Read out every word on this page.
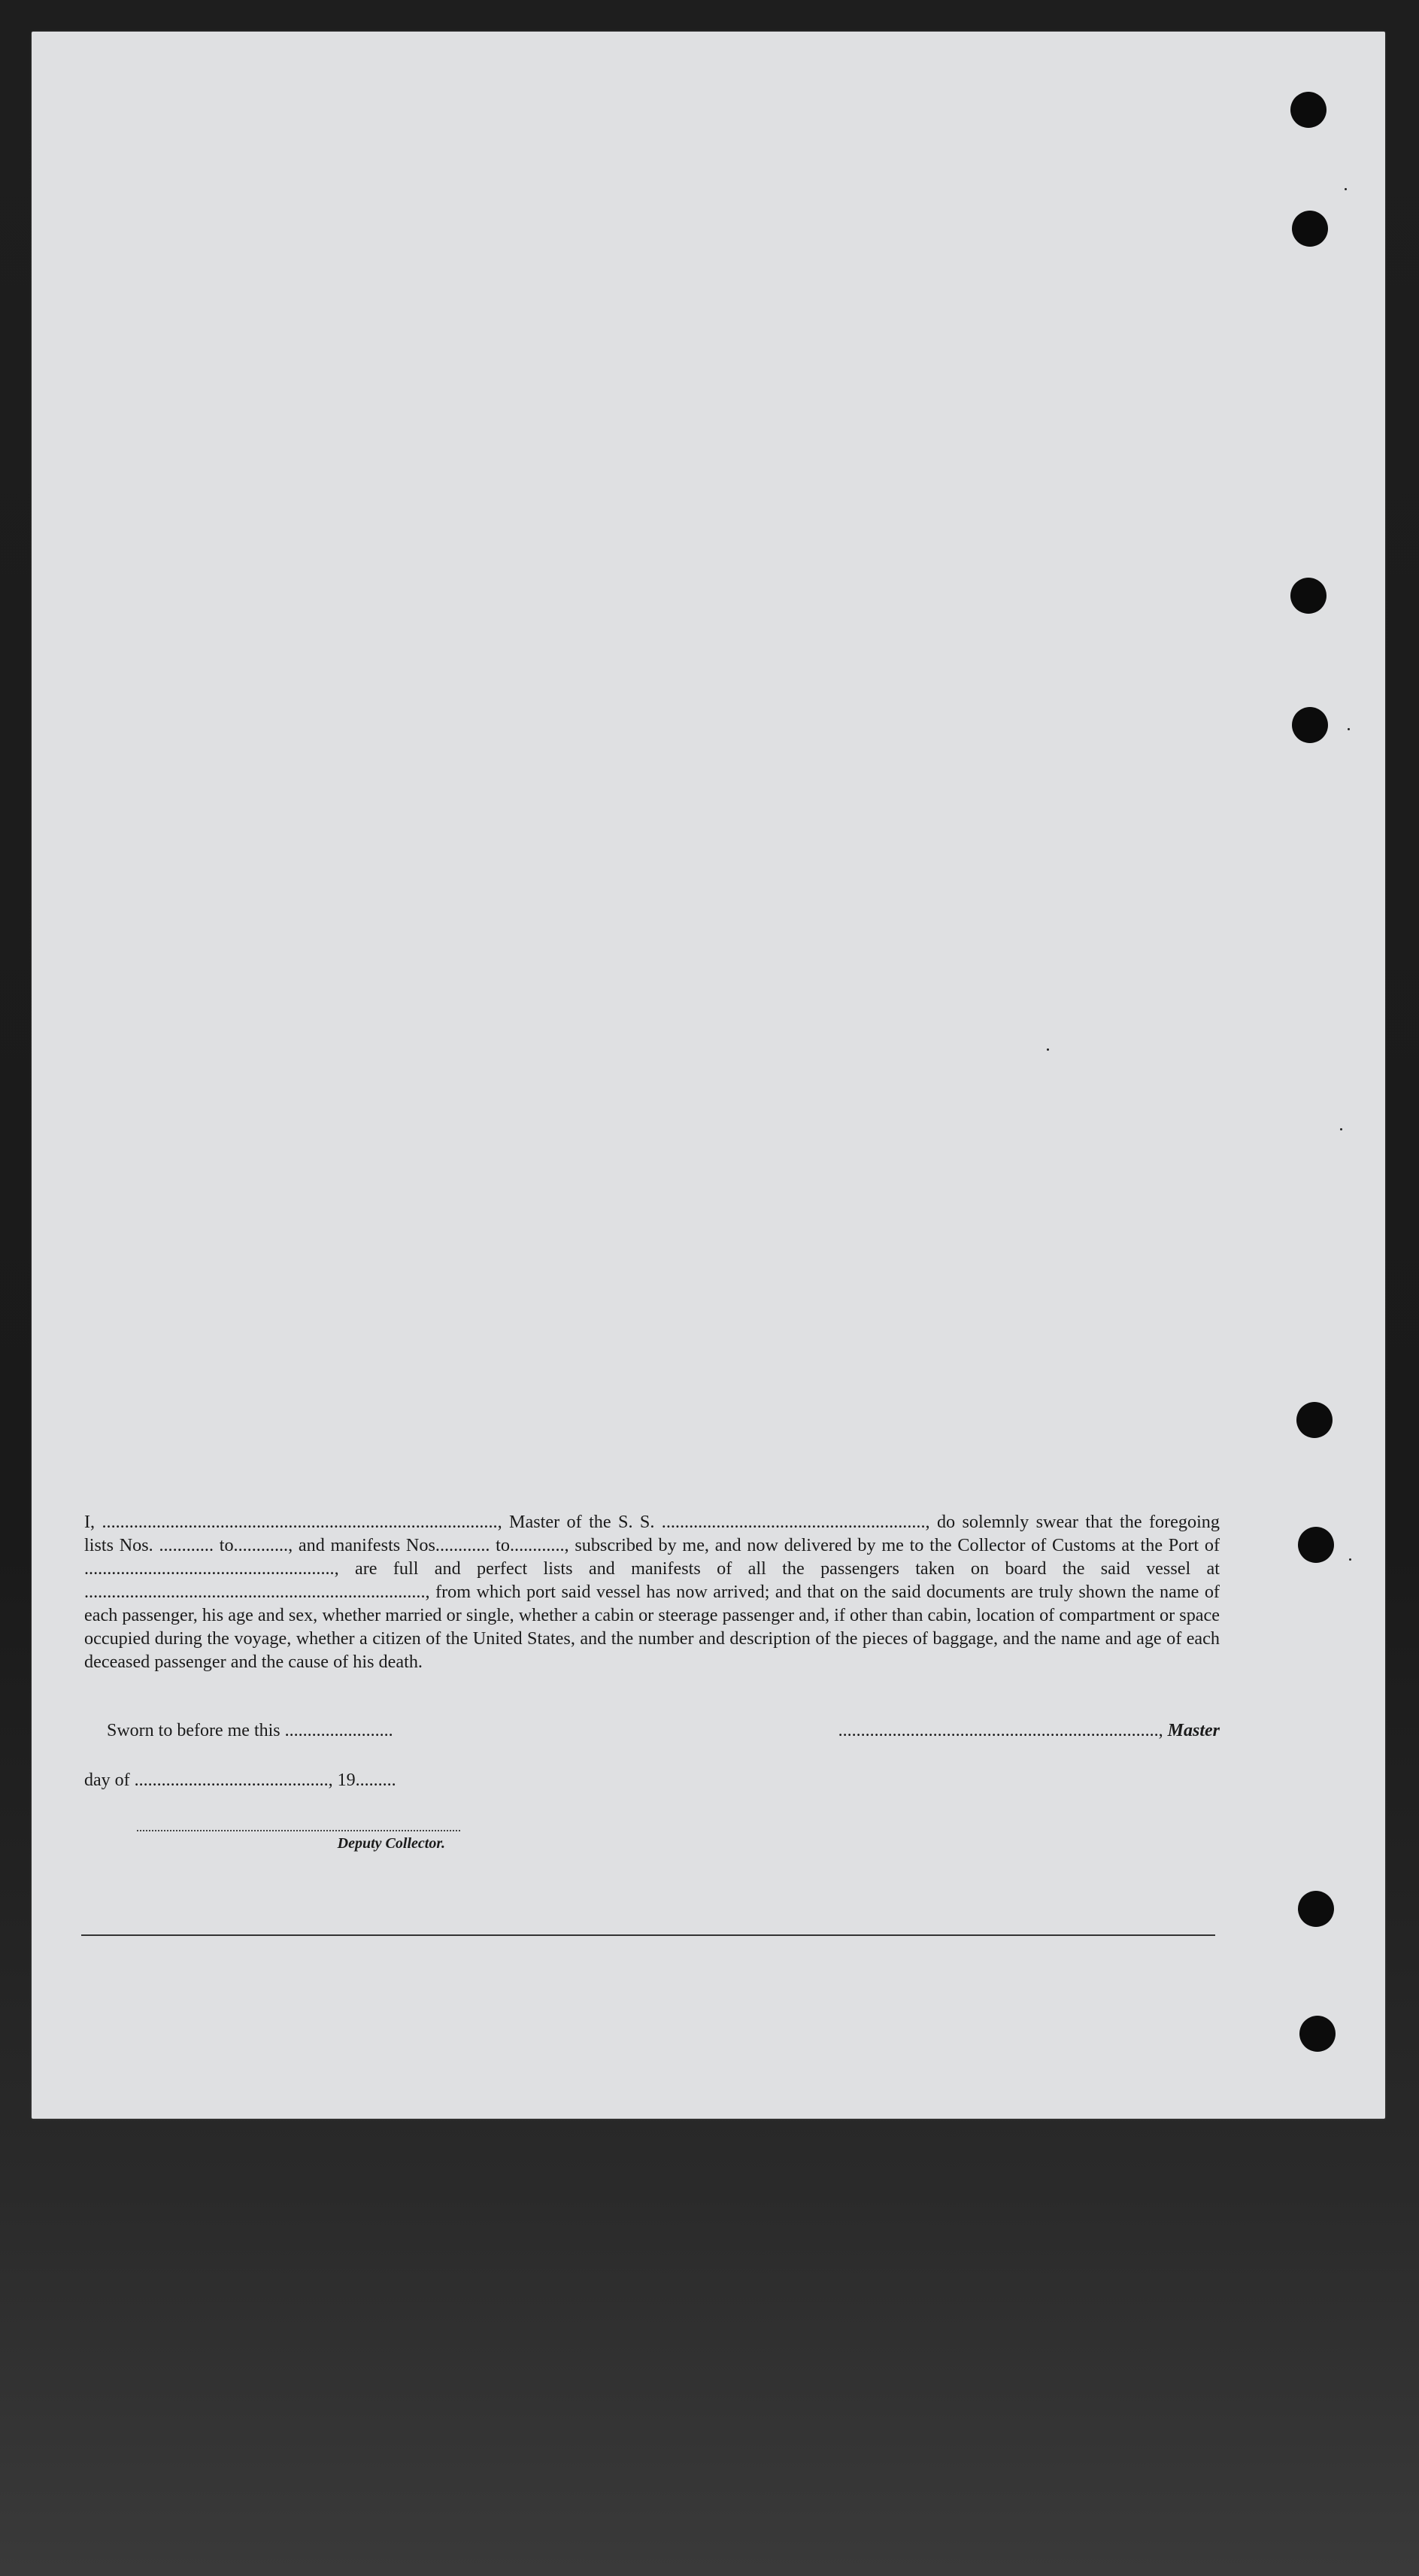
I, ......................................................................................., Master of the S. S. .........................................................., do solemnly swear that the foregoing lists Nos. ............ to............, and manifests Nos............ to............, subscribed by me, and now delivered by me to the Collector of Customs at the Port of ......................................................., are full and perfect lists and manifests of all the passengers taken on board the said vessel at ..........................................................................., from which port said vessel has now arrived; and that on the said documents are truly shown the name of each passenger, his age and sex, whether married or single, whether a cabin or steerage passenger and, if other than cabin, location of compartment or space occupied during the voyage, whether a citizen of the United States, and the number and description of the pieces of baggage, and the name and age of each deceased passenger and the cause of his death.

Sworn to before me this ........................	......................................................................., Master
day of ..........................................., 19.........
Deputy Collector.
